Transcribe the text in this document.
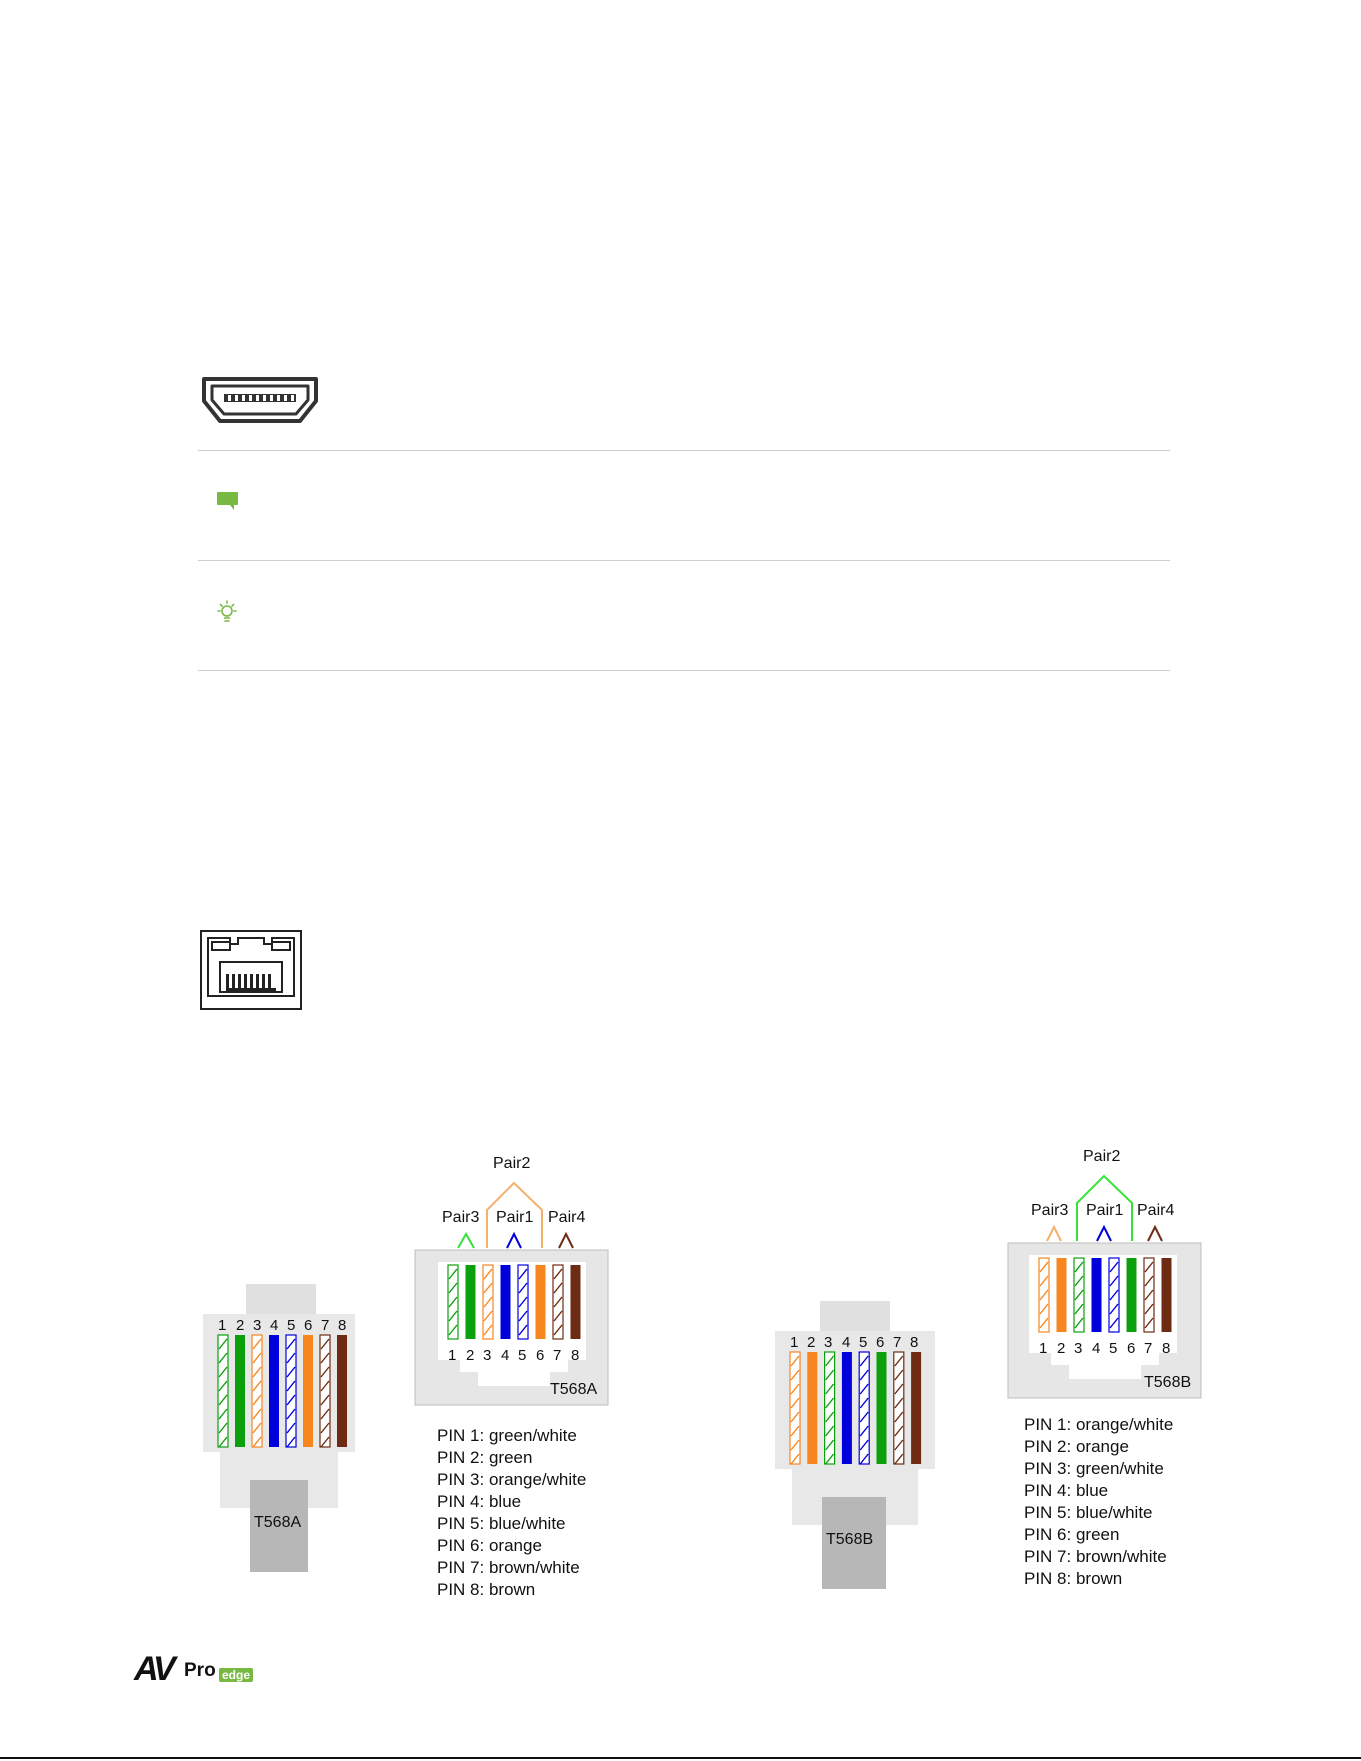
1 2 3 4 5 6 7 8
T568A
Pair2
Pair3 Pair1 Pair4
1 2 3 4 5 6 7 8
T568A
PIN 1: green/white
PIN 2: green
PIN 3: orange/white
PIN 4: blue
PIN 5: blue/white
PIN 6: orange
PIN 7: brown/white
PIN 8: brown
1 2 3 4 5 6 7 8
T568B
Pair2
Pair3 Pair1 Pair4
1 2 3 4 5 6 7 8
T568B
PIN 1: orange/white
PIN 2: orange
PIN 3: green/white
PIN 4: blue
PIN 5: blue/white
PIN 6: green
PIN 7: brown/white
PIN 8: brown
AV Pro edge
